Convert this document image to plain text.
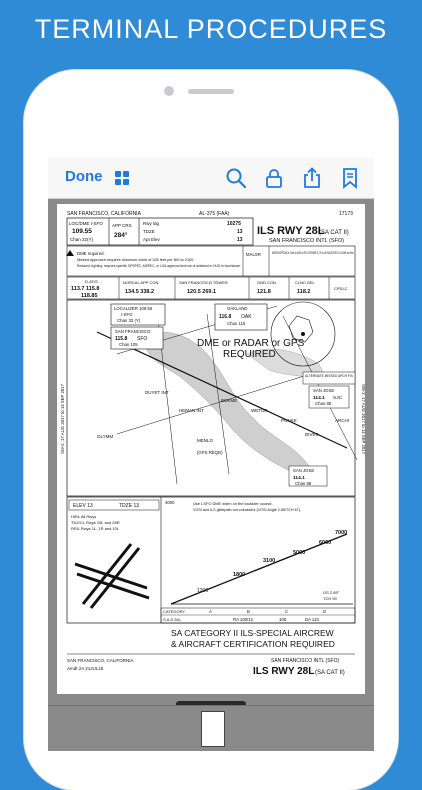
TERMINAL PROCEDURES
Done
SAN FRANCISCO, CALIFORNIA	AL-375 (FAA)	17173
LOC/DME I-SFO
109.55
Chan 32(Y)
APP CRS
284°
Rwy ldg	10275
TDZE	13
Apt Elev	13
ILS RWY 28L
(SA CAT II)
SAN FRANCISCO INTL (SFO)
DME required.
Missed approach requires minimum climb of 325 feet per NM to 2100.
Reduced Lighting: requires specific OPSPEC, MSPEC, or LOA approval and use of autoland or HUD to touchdown.
MALSR	MISSED APPROACH: Climb to 4000 on SFO VOR/DME R-275 to OLYMM INT/SFO 15.4 DME and hold.
D-ATIS
113.7 115.8
118.85
NORCAL APP CON
134.5 338.2
SAN FRANCISCO TOWER
120.5 269.1
GND CON
121.8
CLNC DEL
118.2
CPDLC
LOCALIZER 109.55
I-SFO
Chan 32 (Y)
SAN FRANCISCO
115.8 SFO
Chan 105
OAKLAND
116.8 OAK
Chan 115
DME or RADAR or GPS
REQUIRED
ALTERNATE MISSED APCH FIX
SAN JOSE
114.1 SJC
Chan 88
DUYET INT
HEMAN INT
BOKME
WETOR
PONKE
DIVEC
ARCHI
MENLO
OLYMM
(GPS REQD)
SAN JOSE
114.1
Chan 88
SW-2, 17 AUG 2017 to 14 SEP 2017	SW-2, 17 AUG 2017 to 14 SEP 2017
ELEV 13	TDZE 13
HIRL All Rwys
TDZ/CL Rwys 19L and 28R
REIL Rwys 1L, 1R and 10L
4000	Use I-SFO DME when on the localizer course.
VGSI and ILS glidepath not coincident (VGSI Angle 2.85/TCH 67).
1800
3100
5000
6000
7000
1200	GS 2.85°
TCH 59
CATEGORY	A	B	C	D
S-ILS 28L	RA 100/12	100	DA 113
SA CATEGORY II ILS-SPECIAL AIRCREW
& AIRCRAFT CERTIFICATION REQUIRED
SAN FRANCISCO, CALIFORNIA
Amdt 2A 21JUL16
SAN FRANCISCO INTL (SFO)
ILS RWY 28L (SA CAT II)
